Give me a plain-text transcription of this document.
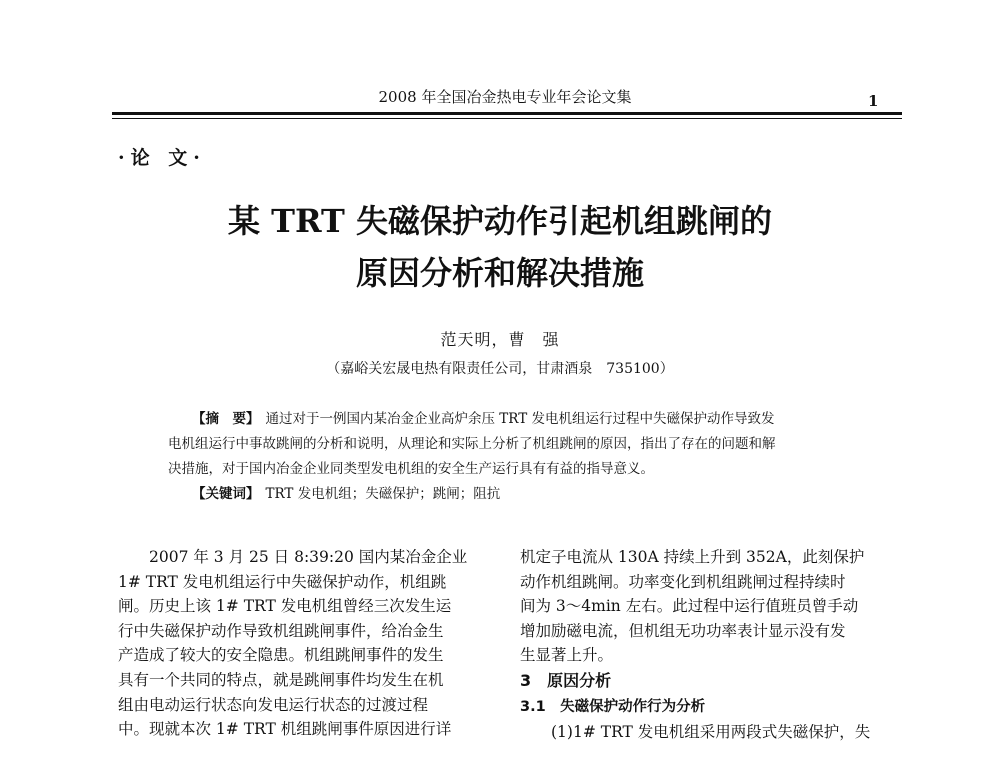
2008 年全国冶金热电专业年会论文集	1
·论 文·
某 TRT 失磁保护动作引起机组跳闸的
原因分析和解决措施
范天明，曹　强
（嘉峪关宏晟电热有限责任公司，甘肃酒泉　735100）

【摘　要】 通过对于一例国内某冶金企业高炉余压 TRT 发电机组运行过程中失磁保护动作导致发

电机组运行中事故跳闸的分析和说明，从理论和实际上分析了机组跳闸的原因，指出了存在的问题和解

决措施，对于国内冶金企业同类型发电机组的安全生产运行具有有益的指导意义。

【关键词】 TRT 发电机组；失磁保护；跳闸；阻抗

2007 年 3 月 25 日 8:39:20 国内某冶金企业

1# TRT 发电机组运行中失磁保护动作，机组跳

闸。历史上该 1# TRT 发电机组曾经三次发生运

行中失磁保护动作导致机组跳闸事件，给冶金生

产造成了较大的安全隐患。机组跳闸事件的发生

具有一个共同的特点，就是跳闸事件均发生在机

组由电动运行状态向发电运行状态的过渡过程

中。现就本次 1# TRT 机组跳闸事件原因进行详

机定子电流从 130A 持续上升到 352A，此刻保护

动作机组跳闸。功率变化到机组跳闸过程持续时

间为 3～4min 左右。此过程中运行值班员曾手动

增加励磁电流，但机组无功功率表计显示没有发

生显著上升。

3　原因分析

3.1　失磁保护动作行为分析

(1)1# TRT 发电机组采用两段式失磁保护，失
